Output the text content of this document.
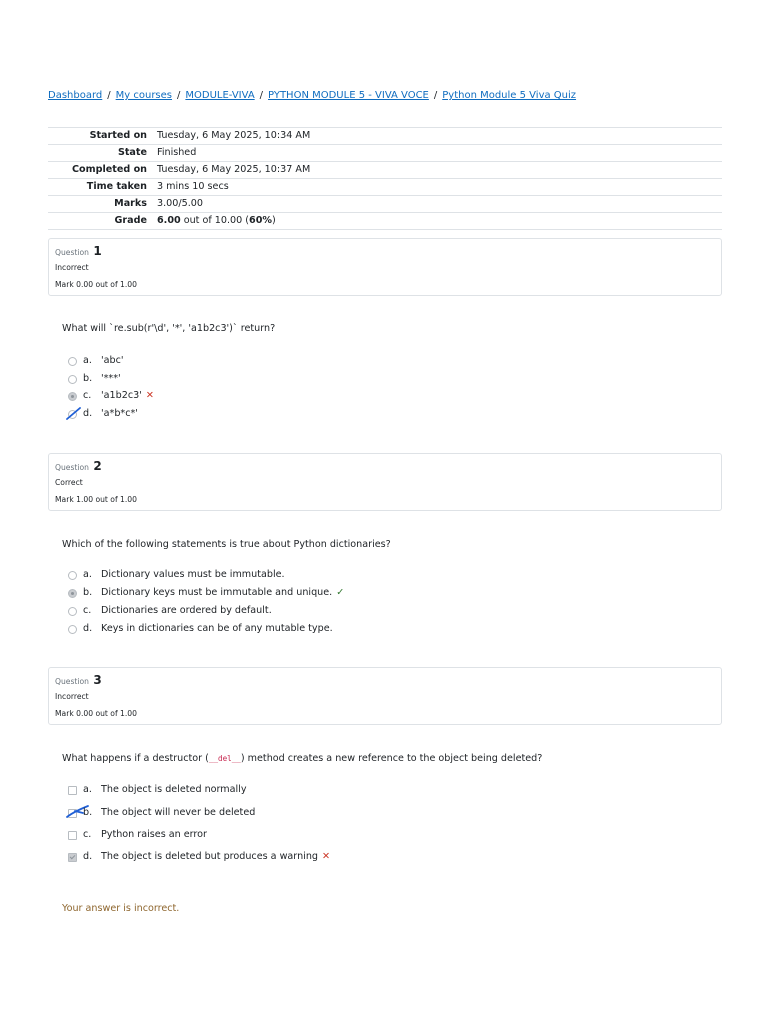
Dashboard / My courses / MODULE-VIVA / PYTHON MODULE 5 - VIVA VOCE / Python Module 5 Viva Quiz
Started on	Tuesday, 6 May 2025, 10:34 AM
State	Finished
Completed on	Tuesday, 6 May 2025, 10:37 AM
Time taken	3 mins 10 secs
Marks	3.00/5.00
Grade	6.00 out of 10.00 (60%)
Question 1
Incorrect
Mark 0.00 out of 1.00
What will `re.sub(r'\d', '*', 'a1b2c3')` return?
a. 'abc'
b. '***'
c. 'a1b2c3' ✕
d. 'a*b*c*'
Question 2
Correct
Mark 1.00 out of 1.00
Which of the following statements is true about Python dictionaries?
a. Dictionary values must be immutable.
b. Dictionary keys must be immutable and unique. ✓
c. Dictionaries are ordered by default.
d. Keys in dictionaries can be of any mutable type.
Question 3
Incorrect
Mark 0.00 out of 1.00
What happens if a destructor (__del__) method creates a new reference to the object being deleted?
a. The object is deleted normally
b. The object will never be deleted
c. Python raises an error
d. The object is deleted but produces a warning ✕
Your answer is incorrect.
